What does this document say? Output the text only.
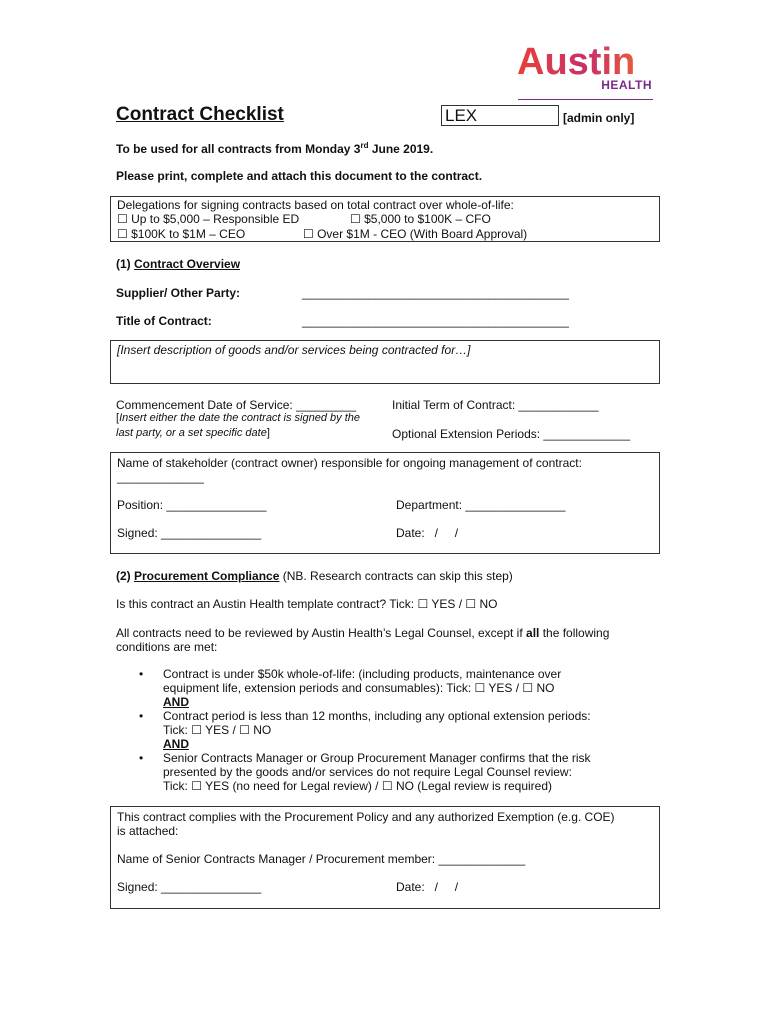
Austin
HEALTH
Contract Checklist	LEX	[admin only]
To be used for all contracts from Monday 3rd June 2019.
Please print, complete and attach this document to the contract.
Delegations for signing contracts based on total contract over whole-of-life:
☐ Up to $5,000 – Responsible ED	☐ $5,000 to $100K – CFO
☐ $100K to $1M – CEO	☐ Over $1M - CEO (With Board Approval)
(1) Contract Overview
Supplier/ Other Party:	________________________________________
Title of Contract:	________________________________________
[Insert description of goods and/or services being contracted for…]
Commencement Date of Service: _________
[Insert either the date the contract is signed by the
last party, or a set specific date]
Initial Term of Contract: ____________
Optional Extension Periods: _____________
Name of stakeholder (contract owner) responsible for ongoing management of contract:
_____________
Position: _______________	Department: _______________
Signed: _______________	Date:   /     /
(2) Procurement Compliance (NB. Research contracts can skip this step)
Is this contract an Austin Health template contract? Tick: ☐ YES / ☐ NO
All contracts need to be reviewed by Austin Health’s Legal Counsel, except if all the following
conditions are met:
• Contract is under $50k whole-of-life: (including products, maintenance over
equipment life, extension periods and consumables): Tick: ☐ YES / ☐ NO
AND
• Contract period is less than 12 months, including any optional extension periods:
Tick: ☐ YES / ☐ NO
AND
• Senior Contracts Manager or Group Procurement Manager confirms that the risk
presented by the goods and/or services do not require Legal Counsel review:
Tick: ☐ YES (no need for Legal review) / ☐ NO (Legal review is required)
This contract complies with the Procurement Policy and any authorized Exemption (e.g. COE)
is attached:
Name of Senior Contracts Manager / Procurement member: _____________
Signed: _______________	Date:   /     /
